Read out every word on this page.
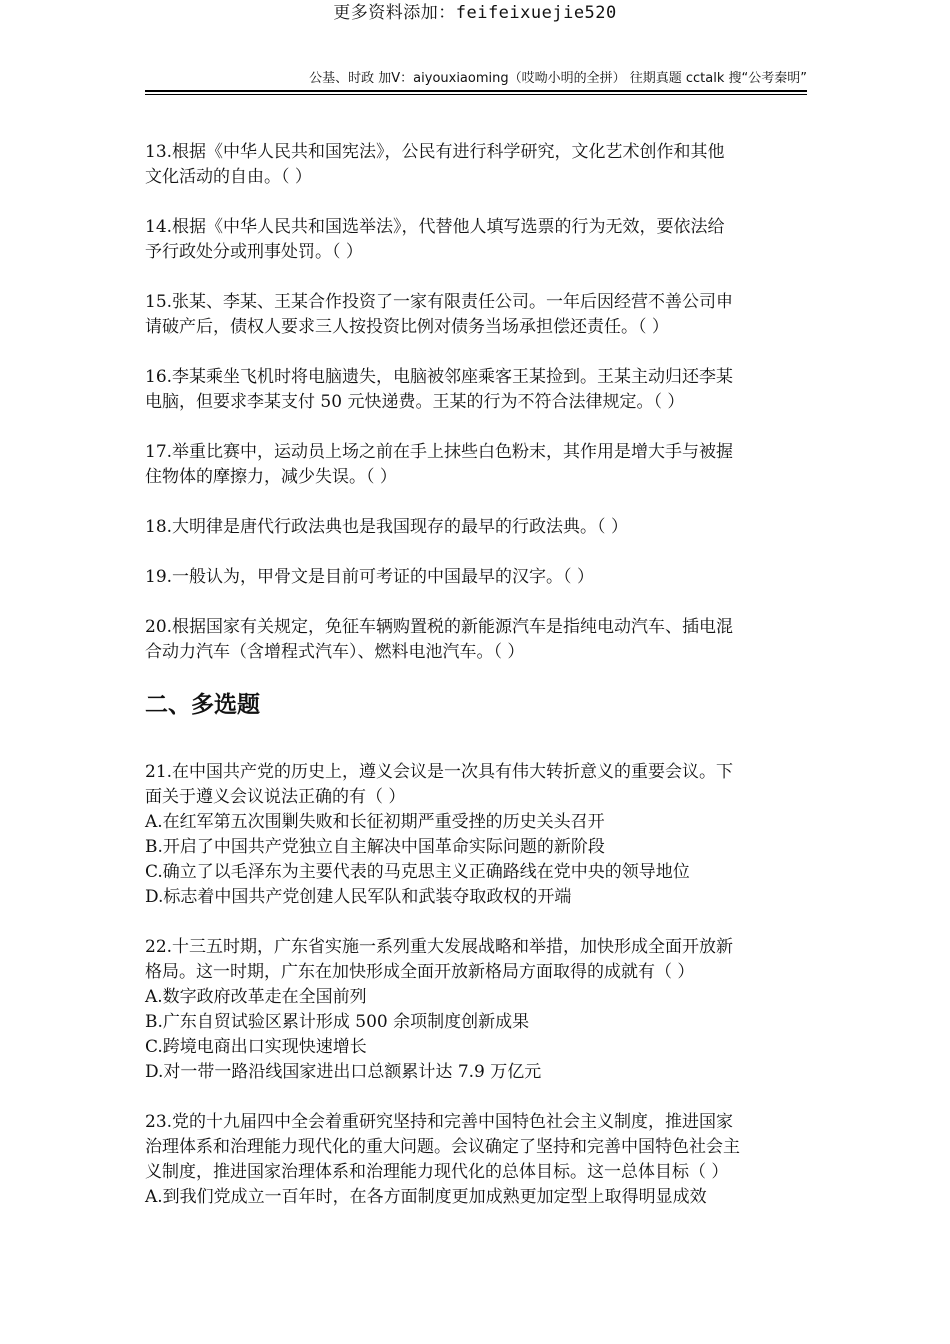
更多资料添加：feifeixuejie520
公基、时政 加V：aiyouxiaoming（哎呦小明的全拼） 往期真题 cctalk 搜“公考秦明”

13.根据《中华人民共和国宪法》，公民有进行科学研究，文化艺术创作和其他

文化活动的自由。（ ）

14.根据《中华人民共和国选举法》，代替他人填写选票的行为无效，要依法给

予行政处分或刑事处罚。（ ）

15.张某、李某、王某合作投资了一家有限责任公司。一年后因经营不善公司申

请破产后，债权人要求三人按投资比例对债务当场承担偿还责任。（ ）

16.李某乘坐飞机时将电脑遗失，电脑被邻座乘客王某捡到。王某主动归还李某

电脑，但要求李某支付 50 元快递费。王某的行为不符合法律规定。（ ）

17.举重比赛中，运动员上场之前在手上抹些白色粉末，其作用是增大手与被握

住物体的摩擦力，减少失误。（ ）

18.大明律是唐代行政法典也是我国现存的最早的行政法典。（ ）

19.一般认为，甲骨文是目前可考证的中国最早的汉字。（ ）

20.根据国家有关规定，免征车辆购置税的新能源汽车是指纯电动汽车、插电混

合动力汽车（含增程式汽车）、燃料电池汽车。（ ）

二、多选题

21.在中国共产党的历史上，遵义会议是一次具有伟大转折意义的重要会议。下

面关于遵义会议说法正确的有（ ）

A.在红军第五次围剿失败和长征初期严重受挫的历史关头召开

B.开启了中国共产党独立自主解决中国革命实际问题的新阶段

C.确立了以毛泽东为主要代表的马克思主义正确路线在党中央的领导地位

D.标志着中国共产党创建人民军队和武装夺取政权的开端

22.十三五时期，广东省实施一系列重大发展战略和举措，加快形成全面开放新

格局。这一时期，广东在加快形成全面开放新格局方面取得的成就有（ ）

A.数字政府改革走在全国前列

B.广东自贸试验区累计形成 500 余项制度创新成果

C.跨境电商出口实现快速增长

D.对一带一路沿线国家进出口总额累计达 7.9 万亿元

23.党的十九届四中全会着重研究坚持和完善中国特色社会主义制度，推进国家

治理体系和治理能力现代化的重大问题。会议确定了坚持和完善中国特色社会主

义制度，推进国家治理体系和治理能力现代化的总体目标。这一总体目标（ ）

A.到我们党成立一百年时，在各方面制度更加成熟更加定型上取得明显成效
